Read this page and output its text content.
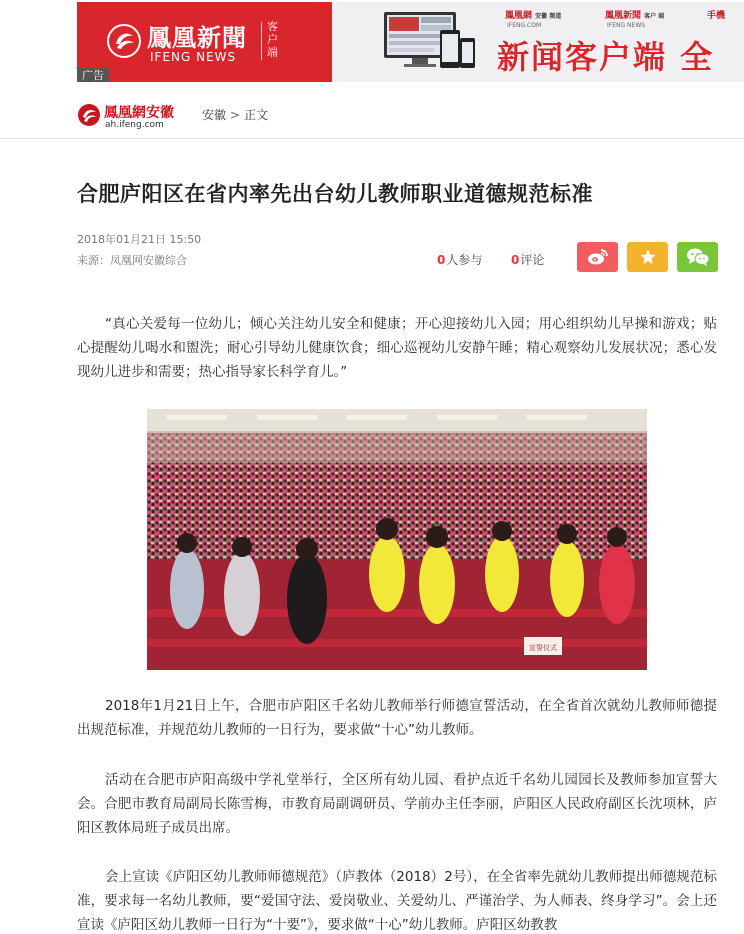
鳳凰新聞
IFENG NEWS
客户端
广告
鳳凰網 安徽 频道
IFENG.COM
鳳凰新聞 客户 端
IFENG NEWS
手機
新闻客户端 全
鳳凰網安徽
ah.ifeng.com
安徽 > 正文
合肥庐阳区在省内率先出台幼儿教师职业道德规范标准
2018年01月21日 15:50
来源：凤凰网安徽综合	0人参与 0评论

“真心关爱每一位幼儿；倾心关注幼儿安全和健康；开心迎接幼儿入园；用心组织幼儿早操和游戏；贴心提醒幼儿喝水和盥洗；耐心引导幼儿健康饮食；细心巡视幼儿安静午睡；精心观察幼儿发展状况；悉心发现幼儿进步和需要；热心指导家长科学育儿。”

宣誓仪式

2018年1月21日上午，合肥市庐阳区千名幼儿教师举行师德宣誓活动，在全省首次就幼儿教师师德提出规范标准，并规范幼儿教师的一日行为，要求做“十心”幼儿教师。

活动在合肥市庐阳高级中学礼堂举行，全区所有幼儿园、看护点近千名幼儿园园长及教师参加宣誓大会。合肥市教育局副局长陈雪梅，市教育局副调研员、学前办主任李丽，庐阳区人民政府副区长沈项林，庐阳区教体局班子成员出席。

会上宣读《庐阳区幼儿教师师德规范》（庐教体（2018）2号），在全省率先就幼儿教师提出师德规范标准，要求每一名幼儿教师，要“爱国守法、爱岗敬业、关爱幼儿、严谨治学、为人师表、终身学习”。会上还宣读《庐阳区幼儿教师一日行为“十要”》，要求做“十心”幼儿教师。庐阳区幼教教
